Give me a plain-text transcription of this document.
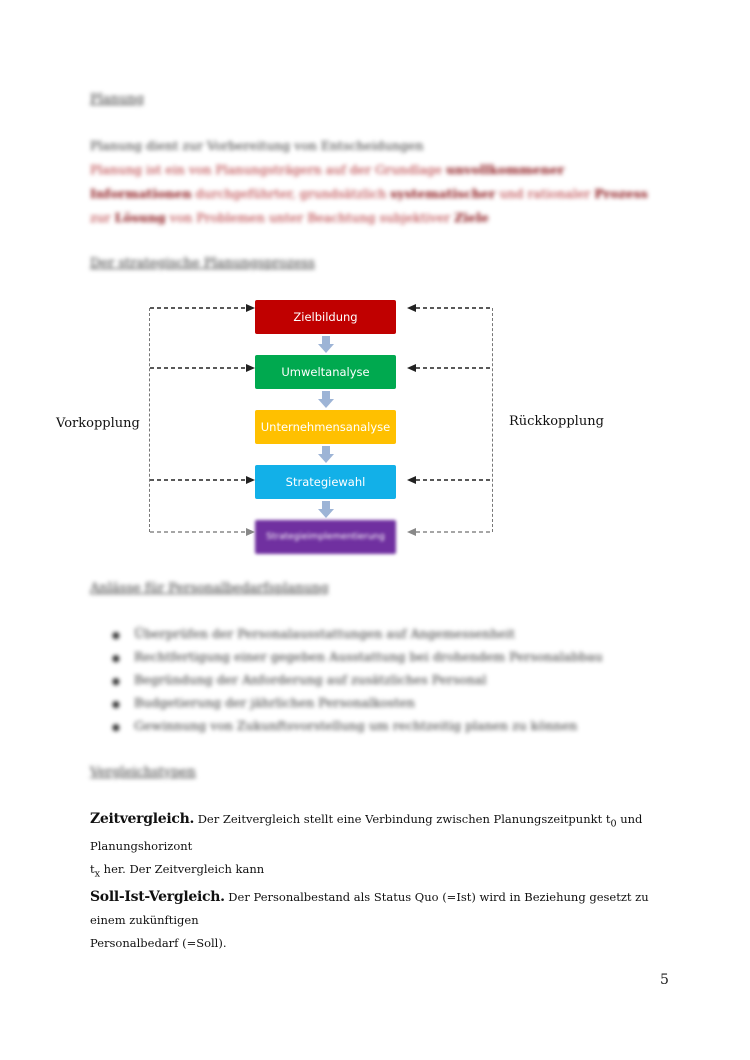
Planung
Planung dient zur Vorbereitung von Entscheidungen
Planung ist ein von Planungsträgern auf der Grundlage unvollkommener Informationen durchgeführter, grundsätzlich systematischer und rationaler Prozess zur Lösung von Problemen unter Beachtung subjektiver Ziele
Der strategische Planungsprozess
Zielbildung
Umweltanalyse
Unternehmensanalyse
Strategiewahl
Strategieimplementierung
Vorkopplung	Rückkopplung
Anlässe für Personalbedarfsplanung
● Überprüfen der Personalausstattungen auf Angemessenheit
● Rechtfertigung einer gegeben Ausstattung bei drohendem Personalabbau
● Begründung der Anforderung auf zusätzliches Personal
● Budgetierung der jährlichen Personalkosten
● Gewinnung von Zukunftsvorstellung um rechtzeitig planen zu können
Vergleichstypen
Zeitvergleich. Der Zeitvergleich stellt eine Verbindung zwischen Planungszeitpunkt $t_0$ und Planungshorizont
$t_x$ her. Der Zeitvergleich kann
Soll-Ist-Vergleich. Der Personalbestand als Status Quo (=Ist) wird in Beziehung gesetzt zu einem zukünftigen
Personalbedarf (=Soll).
5
